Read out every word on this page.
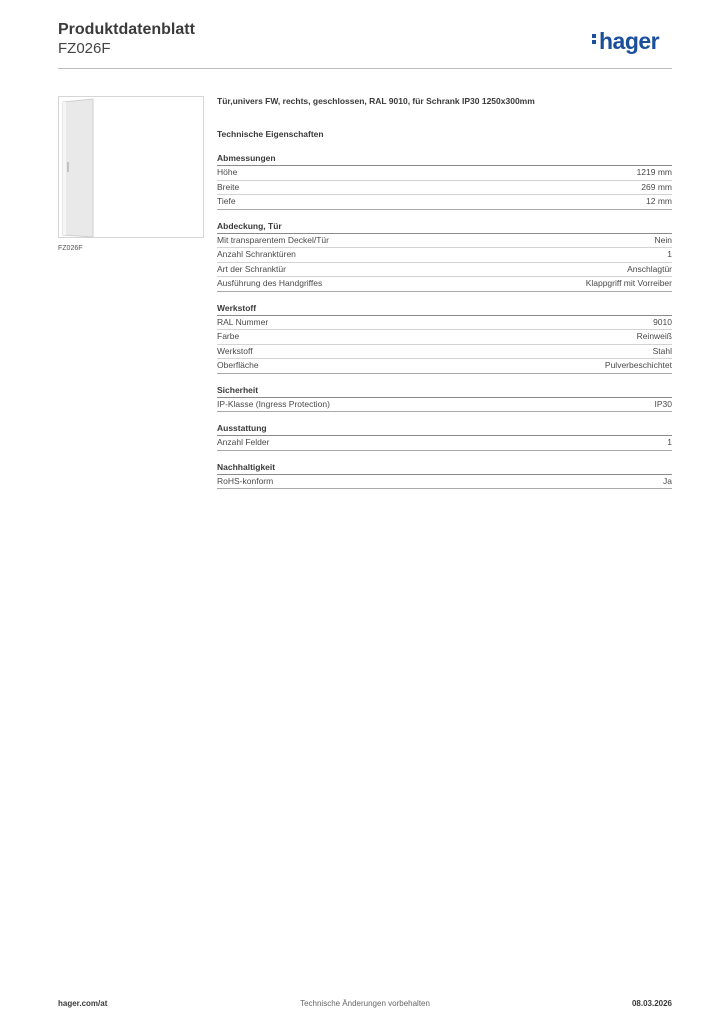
Produktdatenblatt
FZ026F	hager
FZ026F
Tür,univers FW, rechts, geschlossen, RAL 9010, für Schrank IP30 1250x300mm
Technische Eigenschaften
Abmessungen
Höhe	1219 mm
Breite	269 mm
Tiefe	12 mm
Abdeckung, Tür
Mit transparentem Deckel/Tür	Nein
Anzahl Schranktüren	1
Art der Schranktür	Anschlagtür
Ausführung des Handgriffes	Klappgriff mit Vorreiber
Werkstoff
RAL Nummer	9010
Farbe	Reinweiß
Werkstoff	Stahl
Oberfläche	Pulverbeschichtet
Sicherheit
IP-Klasse (Ingress Protection)	IP30
Ausstattung
Anzahl Felder	1
Nachhaltigkeit
RoHS-konform	Ja
hager.com/at	Technische Änderungen vorbehalten	08.03.2026
